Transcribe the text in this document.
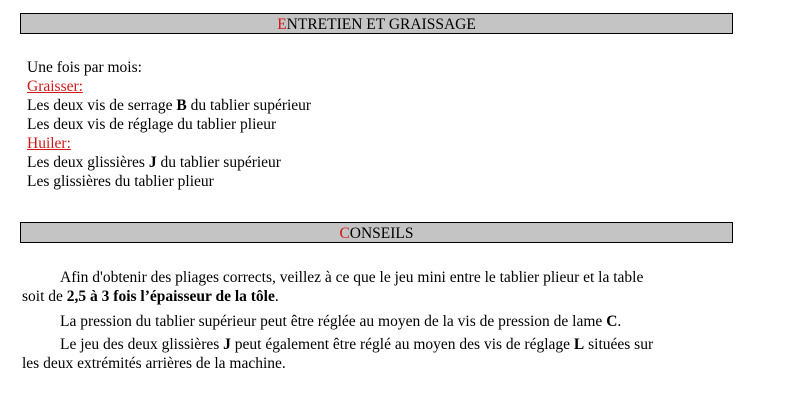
ENTRETIEN ET GRAISSAGE
Une fois par mois:
Graisser:
Les deux vis de serrage B du tablier supérieur
Les deux vis de réglage du tablier plieur
Huiler:
Les deux glissières J du tablier supérieur
Les glissières du tablier plieur
CONSEILS
Afin d'obtenir des pliages corrects, veillez à ce que le jeu mini entre le tablier plieur et la table
soit de 2,5 à 3 fois l’épaisseur de la tôle.
La pression du tablier supérieur peut être réglée au moyen de la vis de pression de lame C.
Le jeu des deux glissières J peut également être réglé au moyen des vis de réglage L situées sur
les deux extrémités arrières de la machine.
